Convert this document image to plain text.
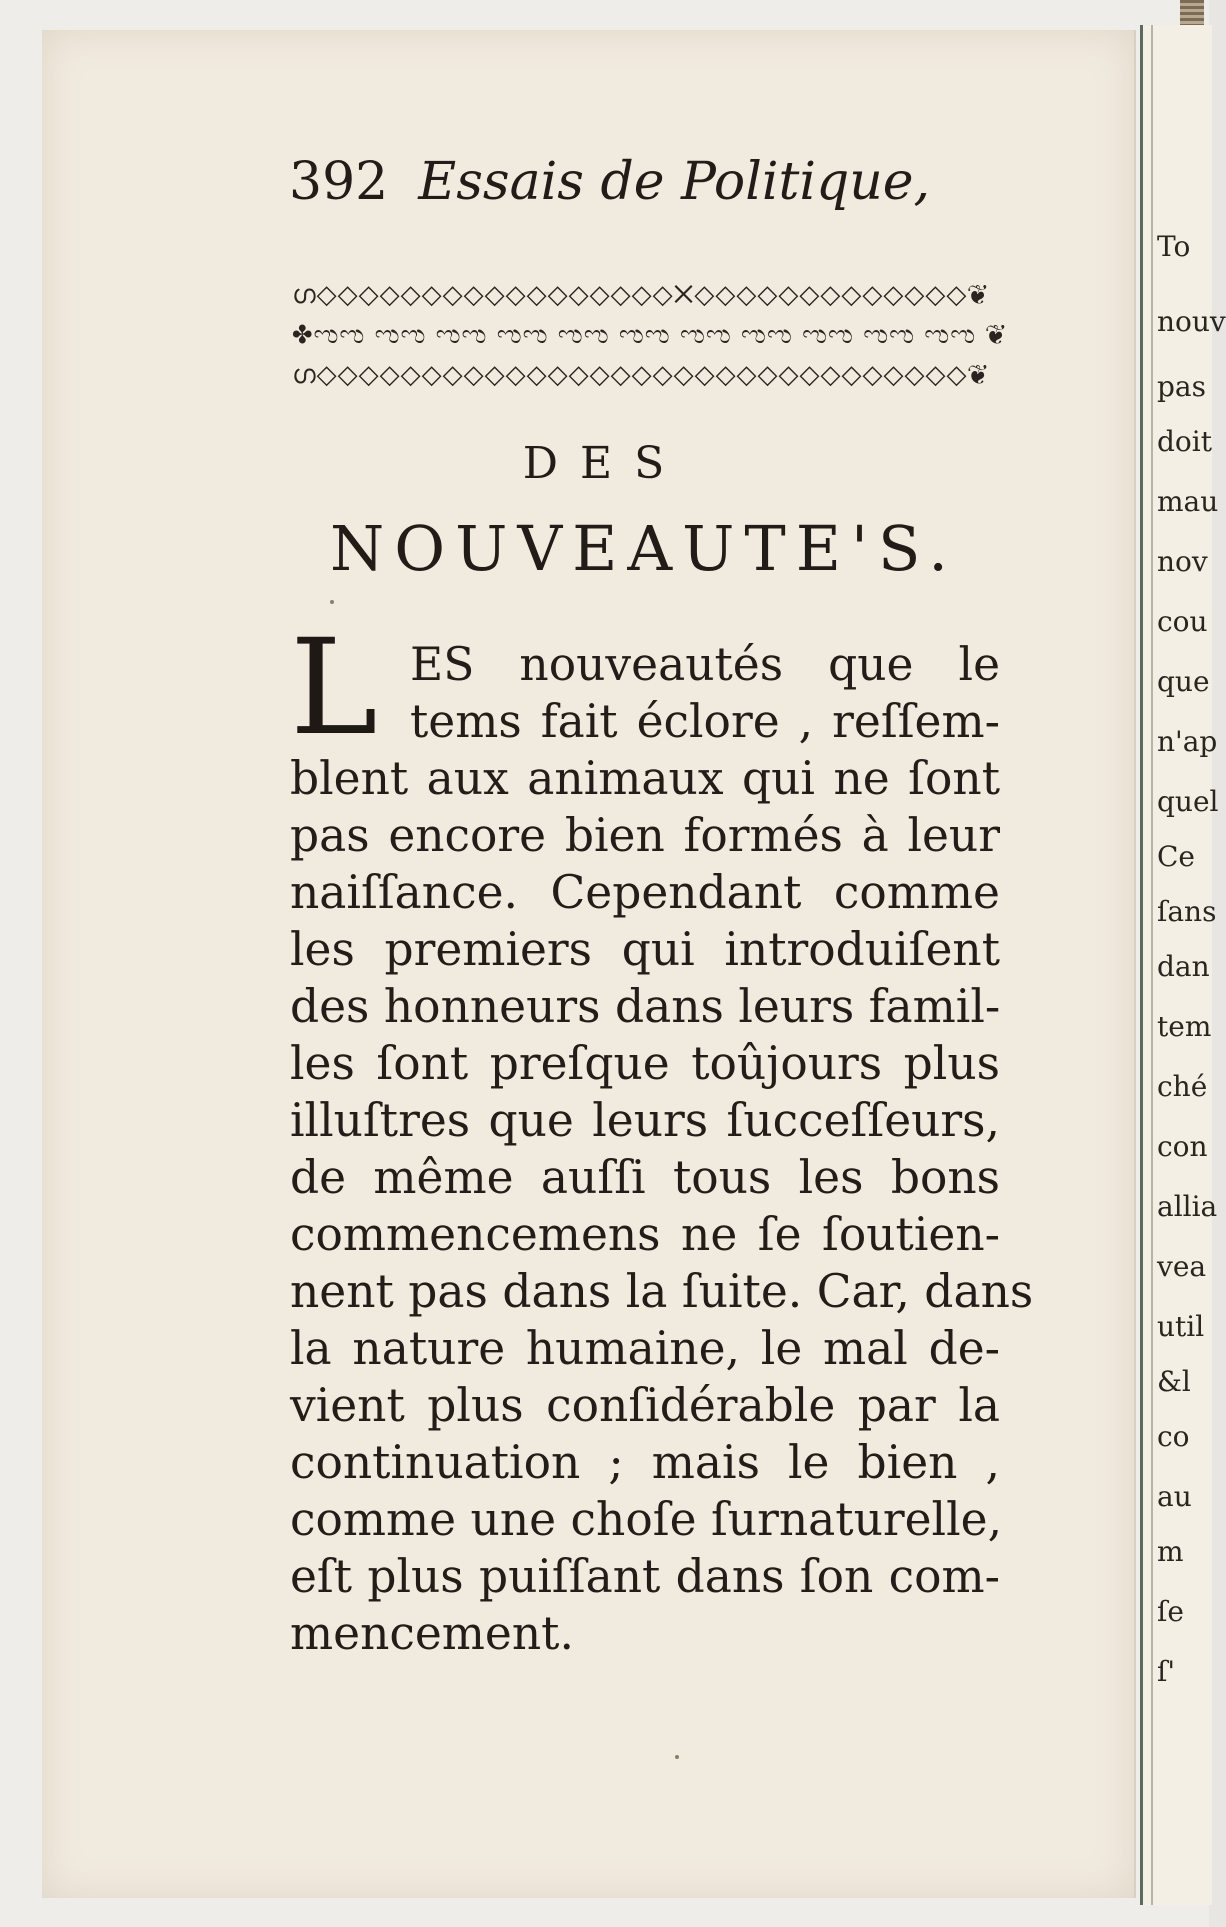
To
nouv
pas
doit
mau
nov
cou
que
n'ap
quel
Ce
ſans
dan
tem
ché
con
allia
vea
util
&l
co
au
m
ſe
ſ'
392 Essais de Politique,
ഗ◇◇◇◇◇◇◇◇◇◇◇◇◇◇◇◇◇✕◇◇◇◇◇◇◇◇◇◇◇◇◇❦
✤ಌಌ ಌಌ ಌಌ ಌಌ ಌಌ ಌಌ ಌಌ ಌಌ ಌಌ ಌಌ ಌಌ ❦
ഗ◇◇◇◇◇◇◇◇◇◇◇◇◇◇◇◇◇◇◇◇◇◇◇◇◇◇◇◇◇◇◇❦
DES
NOUVEAUTE'S.
L ES nouveautés que le
tems fait éclore , reſſem-
blent aux animaux qui ne ſont
pas encore bien formés à leur
naiſſance. Cependant comme
les premiers qui introduiſent
des honneurs dans leurs famil-
les ſont preſque toûjours plus
illuſtres que leurs ſucceſſeurs,
de même auſſi tous les bons
commencemens ne ſe ſoutien-
nent pas dans la ſuite. Car, dans
la nature humaine, le mal de-
vient plus conſidérable par la
continuation ; mais le bien ,
comme une choſe ſurnaturelle,
eſt plus puiſſant dans ſon com-
mencement.
